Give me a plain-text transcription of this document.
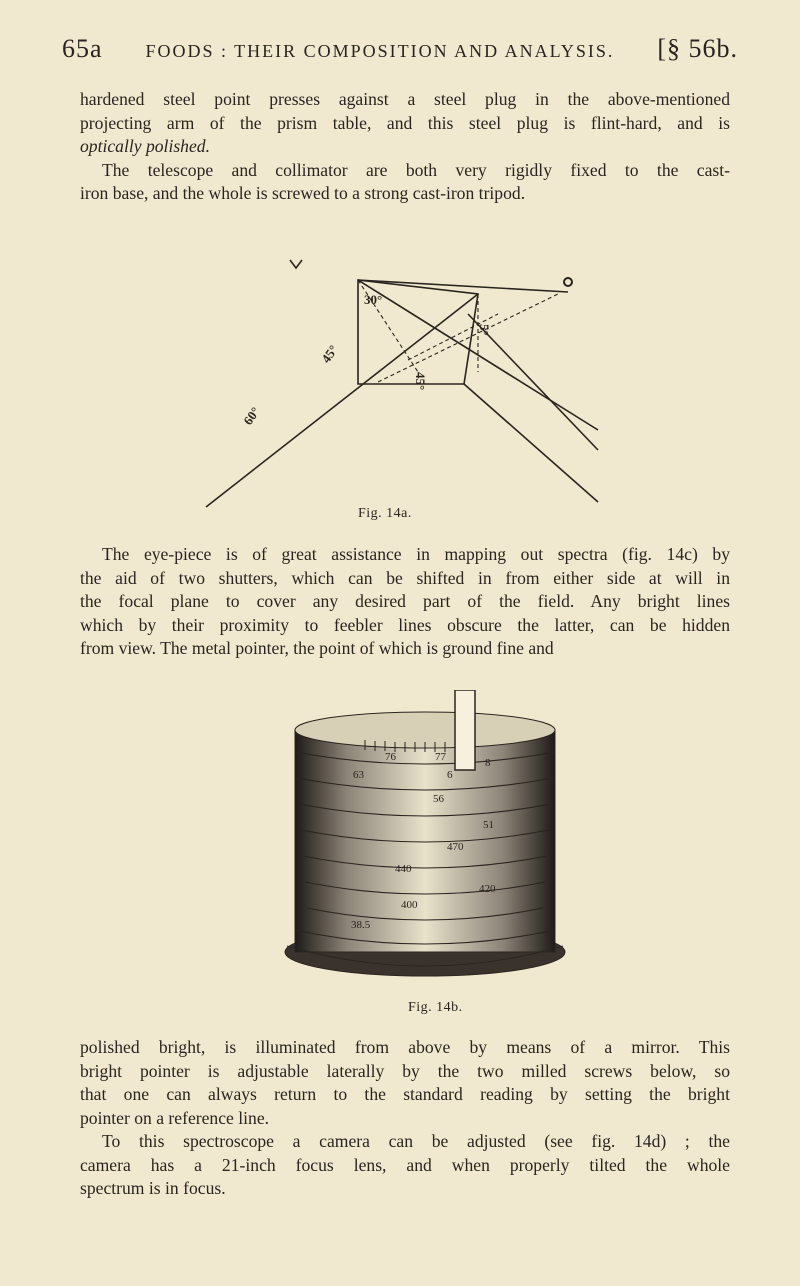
65a FOODS : THEIR COMPOSITION AND ANALYSIS. [§ 56b.
hardened steel point presses against a steel plug in the above-mentioned
projecting arm of the prism table, and this steel plug is flint-hard, and is
optically polished.
The telescope and collimator are both very rigidly fixed to the cast-
iron base, and the whole is screwed to a strong cast-iron tripod.
30°
45°
5°
45°
60°
Fig. 14a.
The eye-piece is of great assistance in mapping out spectra (fig. 14c) by
the aid of two shutters, which can be shifted in from either side at will in
the focal plane to cover any desired part of the field. Any bright lines
which by their proximity to feebler lines obscure the latter, can be hidden
from view. The metal pointer, the point of which is ground fine and
76	77
63	6
8
56
51
470
440
420
400
38.5
Fig. 14b.
polished bright, is illuminated from above by means of a mirror. This
bright pointer is adjustable laterally by the two milled screws below, so
that one can always return to the standard reading by setting the bright
pointer on a reference line.
To this spectroscope a camera can be adjusted (see fig. 14d) ; the
camera has a 21-inch focus lens, and when properly tilted the whole
spectrum is in focus.
